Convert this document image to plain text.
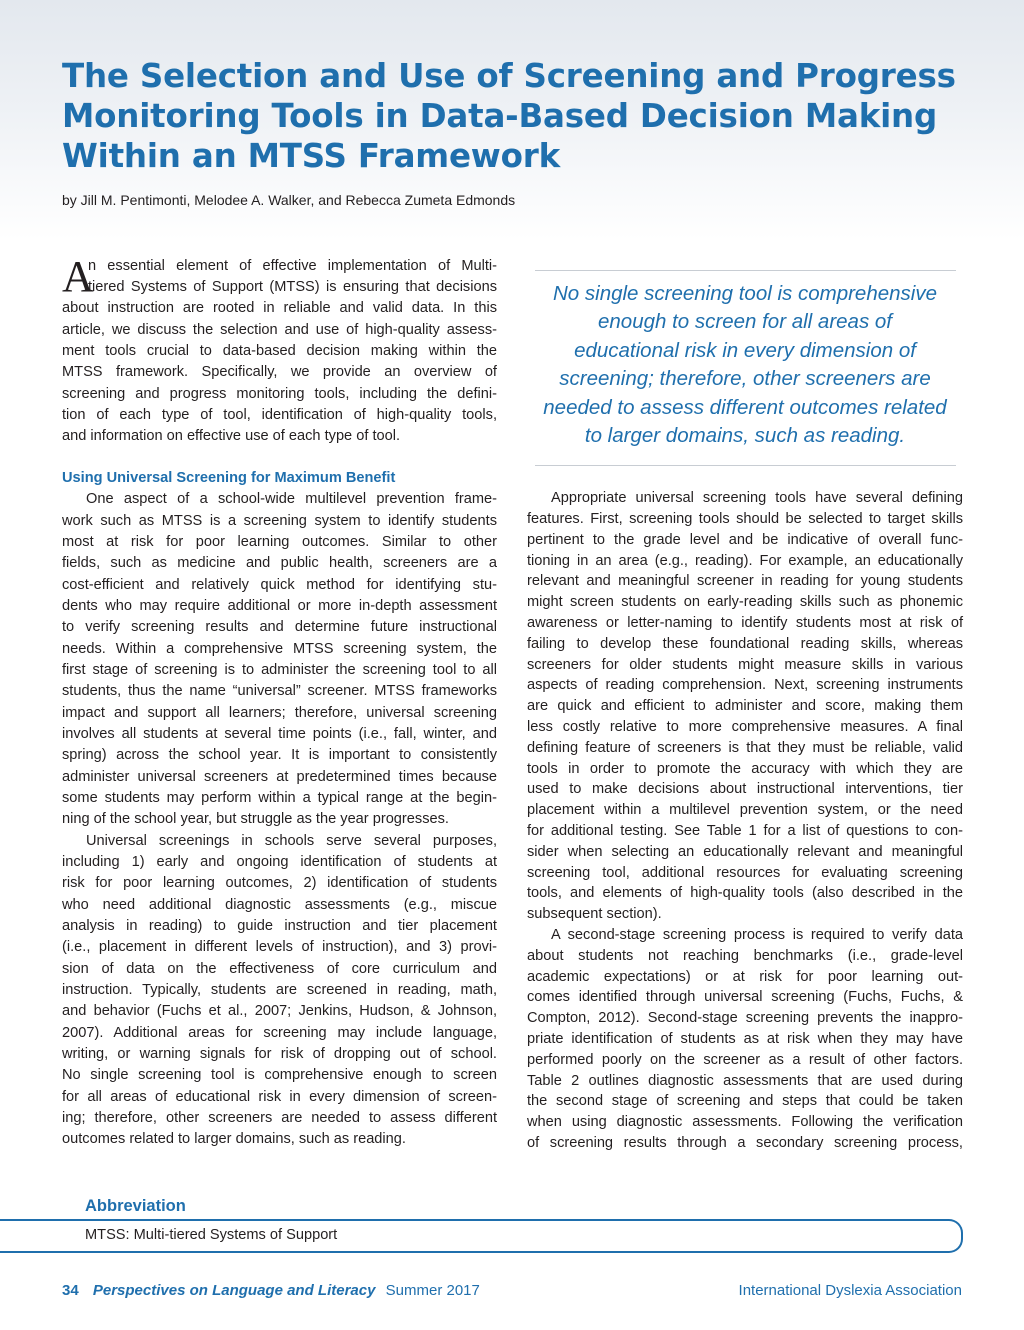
The Selection and Use of Screening and Progress
Monitoring Tools in Data-Based Decision Making
Within an MTSS Framework
by Jill M. Pentimonti, Melodee A. Walker, and Rebecca Zumeta Edmonds
A
n essential element of effective implementation of Multi-
tiered Systems of Support (MTSS) is ensuring that decisions
about instruction are rooted in reliable and valid data. In this
article, we discuss the selection and use of high-quality assess-
ment tools crucial to data-based decision making within the
MTSS framework. Specifically, we provide an overview of
screening and progress monitoring tools, including the defini-
tion of each type of tool, identification of high-quality tools,
and information on effective use of each type of tool.
Using Universal Screening for Maximum Benefit
One aspect of a school-wide multilevel prevention frame-
work such as MTSS is a screening system to identify students
most at risk for poor learning outcomes. Similar to other
fields, such as medicine and public health, screeners are a
cost-efficient and relatively quick method for identifying stu-
dents who may require additional or more in-depth assessment
to verify screening results and determine future instructional
needs. Within a comprehensive MTSS screening system, the
first stage of screening is to administer the screening tool to all
students, thus the name “universal” screener. MTSS frameworks
impact and support all learners; therefore, universal screening
involves all students at several time points (i.e., fall, winter, and
spring) across the school year. It is important to consistently
administer universal screeners at predetermined times because
some students may perform within a typical range at the begin-
ning of the school year, but struggle as the year progresses.
Universal screenings in schools serve several purposes,
including 1) early and ongoing identification of students at
risk for poor learning outcomes, 2) identification of students
who need additional diagnostic assessments (e.g., miscue
analysis in reading) to guide instruction and tier placement
(i.e., placement in different levels of instruction), and 3) provi-
sion of data on the effectiveness of core curriculum and
instruction. Typically, students are screened in reading, math,
and behavior (Fuchs et al., 2007; Jenkins, Hudson, & Johnson,
2007). Additional areas for screening may include language,
writing, or warning signals for risk of dropping out of school.
No single screening tool is comprehensive enough to screen
for all areas of educational risk in every dimension of screen-
ing; therefore, other screeners are needed to assess different
outcomes related to larger domains, such as reading.
No single screening tool is comprehensive
enough to screen for all areas of
educational risk in every dimension of
screening; therefore, other screeners are
needed to assess different outcomes related
to larger domains, such as reading.
Appropriate universal screening tools have several defining
features. First, screening tools should be selected to target skills
pertinent to the grade level and be indicative of overall func-
tioning in an area (e.g., reading). For example, an educationally
relevant and meaningful screener in reading for young students
might screen students on early-reading skills such as phonemic
awareness or letter-naming to identify students most at risk of
failing to develop these foundational reading skills, whereas
screeners for older students might measure skills in various
aspects of reading comprehension. Next, screening instruments
are quick and efficient to administer and score, making them
less costly relative to more comprehensive measures. A final
defining feature of screeners is that they must be reliable, valid
tools in order to promote the accuracy with which they are
used to make decisions about instructional interventions, tier
placement within a multilevel prevention system, or the need
for additional testing. See Table 1 for a list of questions to con-
sider when selecting an educationally relevant and meaningful
screening tool, additional resources for evaluating screening
tools, and elements of high-quality tools (also described in the
subsequent section).
A second-stage screening process is required to verify data
about students not reaching benchmarks (i.e., grade-level
academic expectations) or at risk for poor learning out-
comes identified through universal screening (Fuchs, Fuchs, &
Compton, 2012). Second-stage screening prevents the inappro-
priate identification of students as at risk when they may have
performed poorly on the screener as a result of other factors.
Table 2 outlines diagnostic assessments that are used during
the second stage of screening and steps that could be taken
when using diagnostic assessments. Following the verification
of screening results through a secondary screening process,
Abbreviation
MTSS: Multi-tiered Systems of Support
34 Perspectives on Language and Literacy Summer 2017	International Dyslexia Association
